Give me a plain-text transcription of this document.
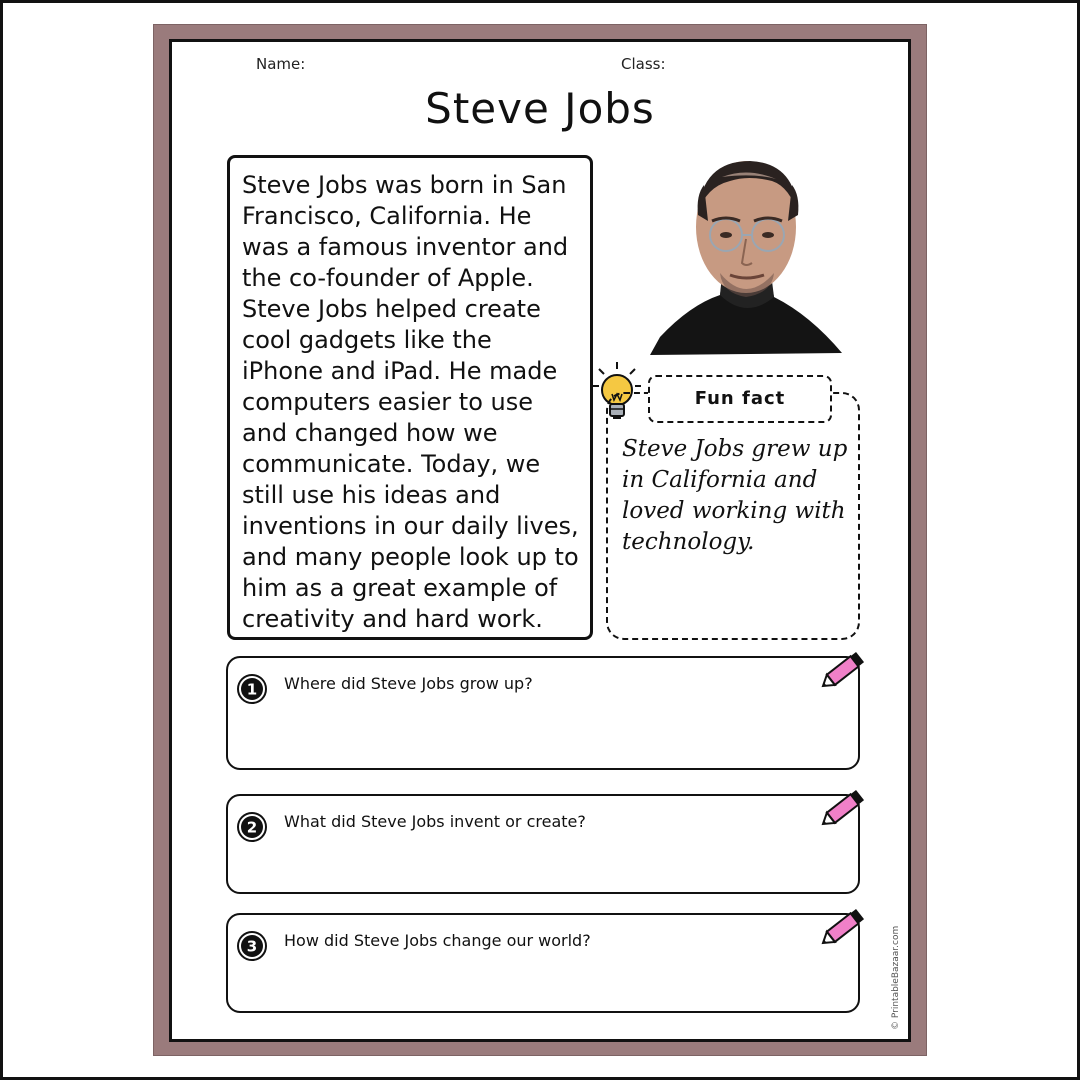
Name:	Class:
Steve Jobs
Steve Jobs was born in San Francisco, California. He was a famous inventor and the co-founder of Apple. Steve Jobs helped create cool gadgets like the iPhone and iPad. He made computers easier to use and changed how we communicate. Today, we still use his ideas and inventions in our daily lives, and many people look up to him as a great example of creativity and hard work.
Steve Jobs grew up in California and loved working with technology.
Fun fact
1 Where did Steve Jobs grow up?
2 What did Steve Jobs invent or create?
3 How did Steve Jobs change our world?	© PrintableBazaar.com
